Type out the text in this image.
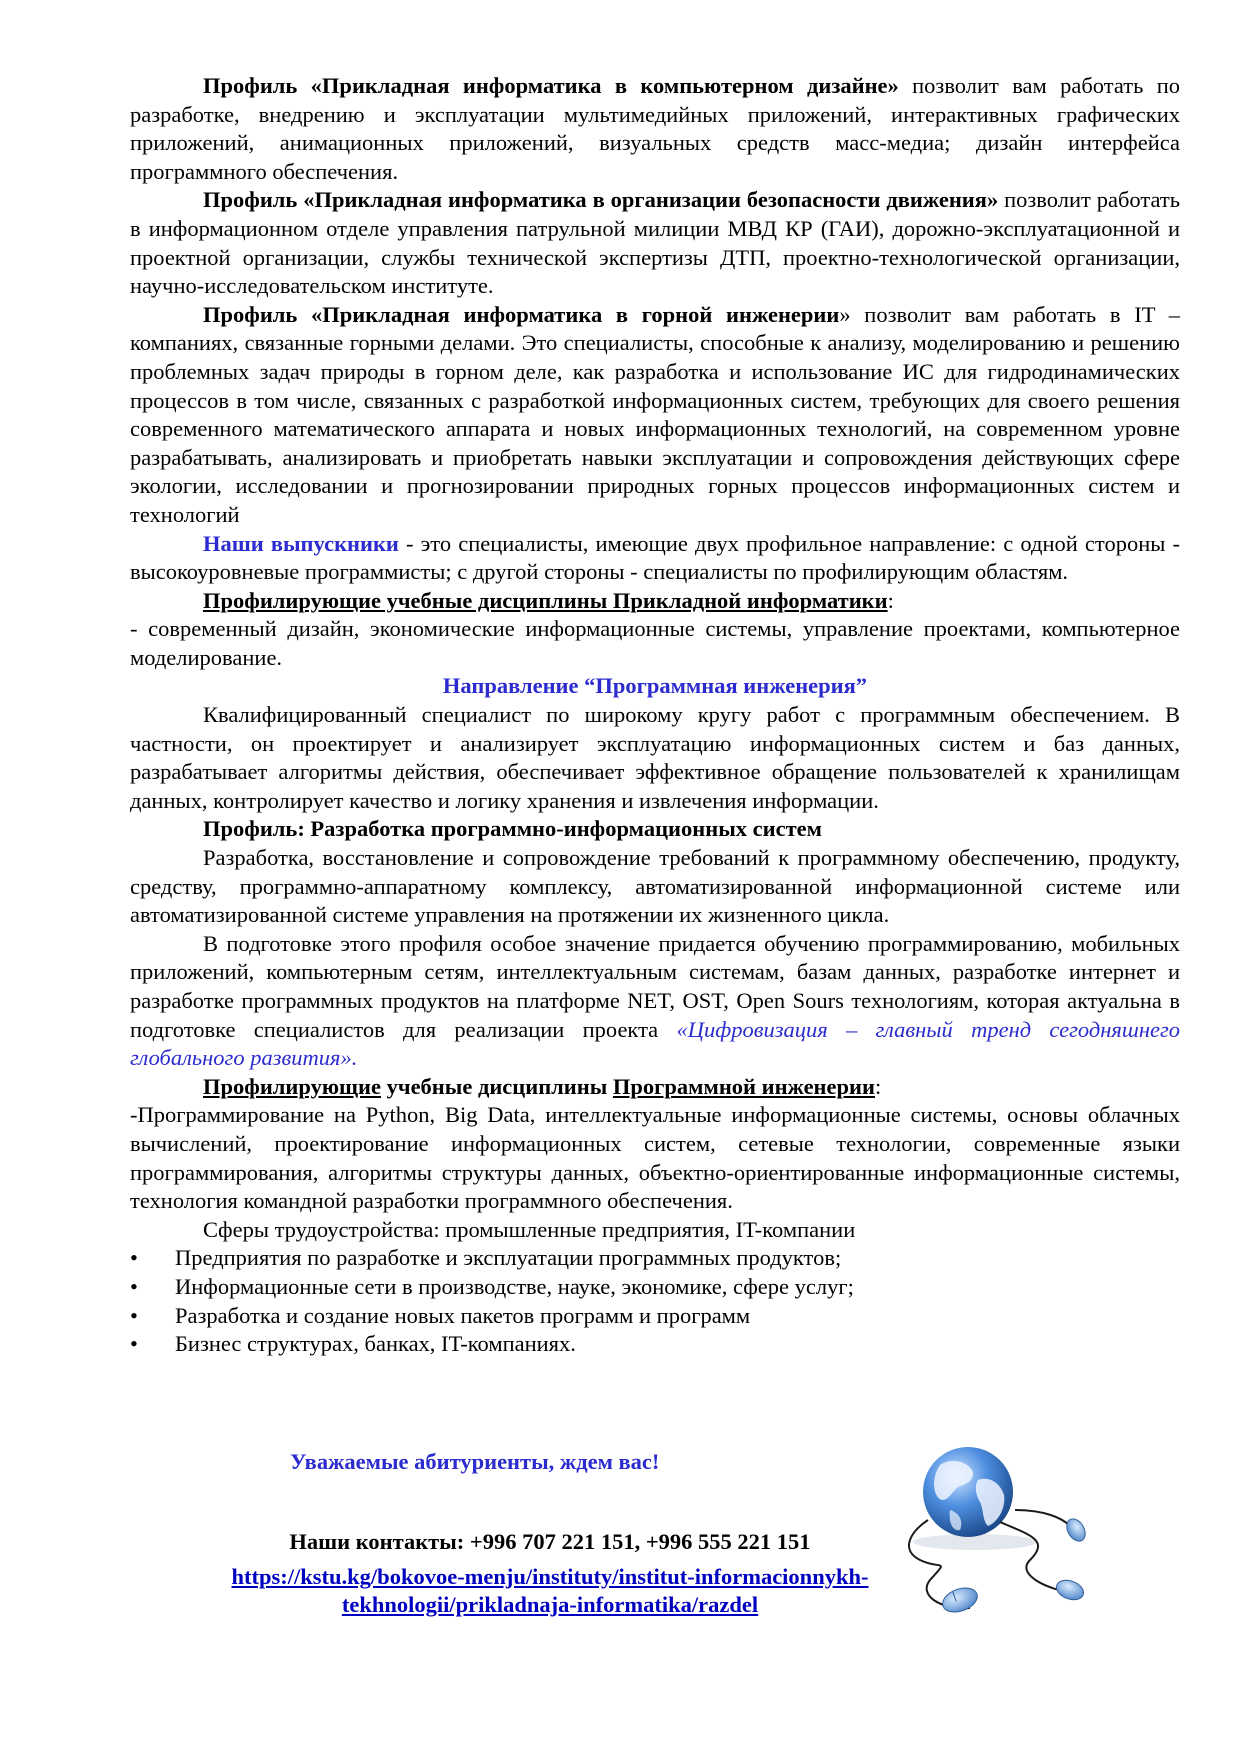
Профиль «Прикладная информатика в компьютерном дизайне» позволит вам работать по разработке, внедрению и эксплуатации мультимедийных приложений, интерактивных графических приложений, анимационных приложений, визуальных средств масс-медиа; дизайн интерфейса программного обеспечения.

Профиль «Прикладная информатика в организации безопасности движения» позволит работать в информационном отделе управления патрульной милиции МВД КР (ГАИ), дорожно-эксплуатационной и проектной организации, службы технической экспертизы ДТП, проектно-технологической организации, научно-исследовательском институте.

Профиль «Прикладная информатика в горной инженерии» позволит вам работать в IT – компаниях, связанные горными делами. Это специалисты, способные к анализу, моделированию и решению проблемных задач природы в горном деле, как разработка и использование ИС для гидродинамических процессов в том числе, связанных с разработкой информационных систем, требующих для своего решения современного математического аппарата и новых информационных технологий, на современном уровне разрабатывать, анализировать и приобретать навыки эксплуатации и сопровождения действующих сфере экологии, исследовании и прогнозировании природных горных процессов информационных систем и технологий

Наши выпускники - это специалисты, имеющие двух профильное направление: с одной стороны - высокоуровневые программисты; с другой стороны - специалисты по профилирующим областям.

Профилирующие учебные дисциплины Прикладной информатики:

- современный дизайн, экономические информационные системы, управление проектами, компьютерное моделирование.

Направление “Программная инженерия”

Квалифицированный специалист по широкому кругу работ с программным обеспечением. В частности, он проектирует и анализирует эксплуатацию информационных систем и баз данных, разрабатывает алгоритмы действия, обеспечивает эффективное обращение пользователей к хранилищам данных, контролирует качество и логику хранения и извлечения информации.

Профиль: Разработка программно-информационных систем

Разработка, восстановление и сопровождение требований к программному обеспечению, продукту, средству, программно-аппаратному комплексу, автоматизированной информационной системе или автоматизированной системе управления на протяжении их жизненного цикла.

В подготовке этого профиля особое значение придается обучению программированию, мобильных приложений, компьютерным сетям, интеллектуальным системам, базам данных, разработке интернет и разработке программных продуктов на платформе NET, OST, Open Sours технологиям, которая актуальна в подготовке специалистов для реализации проекта «Цифровизация – главный тренд сегодняшнего глобального развития».

Профилирующие учебные дисциплины Программной инженерии:

-Программирование на Python, Big Data, интеллектуальные информационные системы, основы облачных вычислений, проектирование информационных систем, сетевые технологии, современные языки программирования, алгоритмы структуры данных, объектно-ориентированные информационные системы, технология командной разработки программного обеспечения.

Сферы трудоустройства: промышленные предприятия, IT-компании

• Предприятия по разработке и эксплуатации программных продуктов;
• Информационные сети в производстве, науке, экономике, сфере услуг;
• Разработка и создание новых пакетов программ и программ
• Бизнес структурах, банках, IT-компаниях.
Уважаемые абитуриенты, ждем вас!
Наши контакты: +996 707 221 151, +996 555 221 151
https://kstu.kg/bokovoe-menju/instituty/institut-informacionnykh-
tekhnologii/prikladnaja-informatika/razdel
